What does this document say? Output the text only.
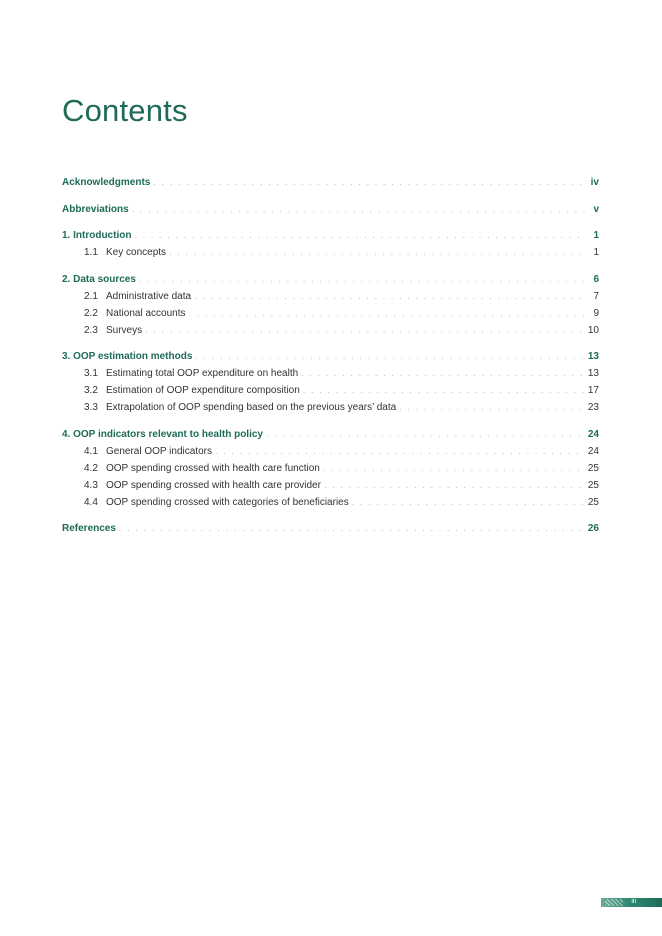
Contents
Acknowledgments . . .	iv
Abbreviations . . .	v
1. Introduction . . .	1
1.1 Key concepts . . .	1
2. Data sources . . .	6
2.1 Administrative data . . .	7
2.2 National accounts . . .	9
2.3 Surveys . . .	10
3. OOP estimation methods . . .	13
3.1 Estimating total OOP expenditure on health . . .	13
3.2 Estimation of OOP expenditure composition . . .	17
3.3 Extrapolation of OOP spending based on the previous years’ data . . .	23
4. OOP indicators relevant to health policy . . .	24
4.1 General OOP indicators . . .	24
4.2 OOP spending crossed with health care function . . .	25
4.3 OOP spending crossed with health care provider . . .	25
4.4 OOP spending crossed with categories of beneficiaries . . .	25
References . . .	26
iii
